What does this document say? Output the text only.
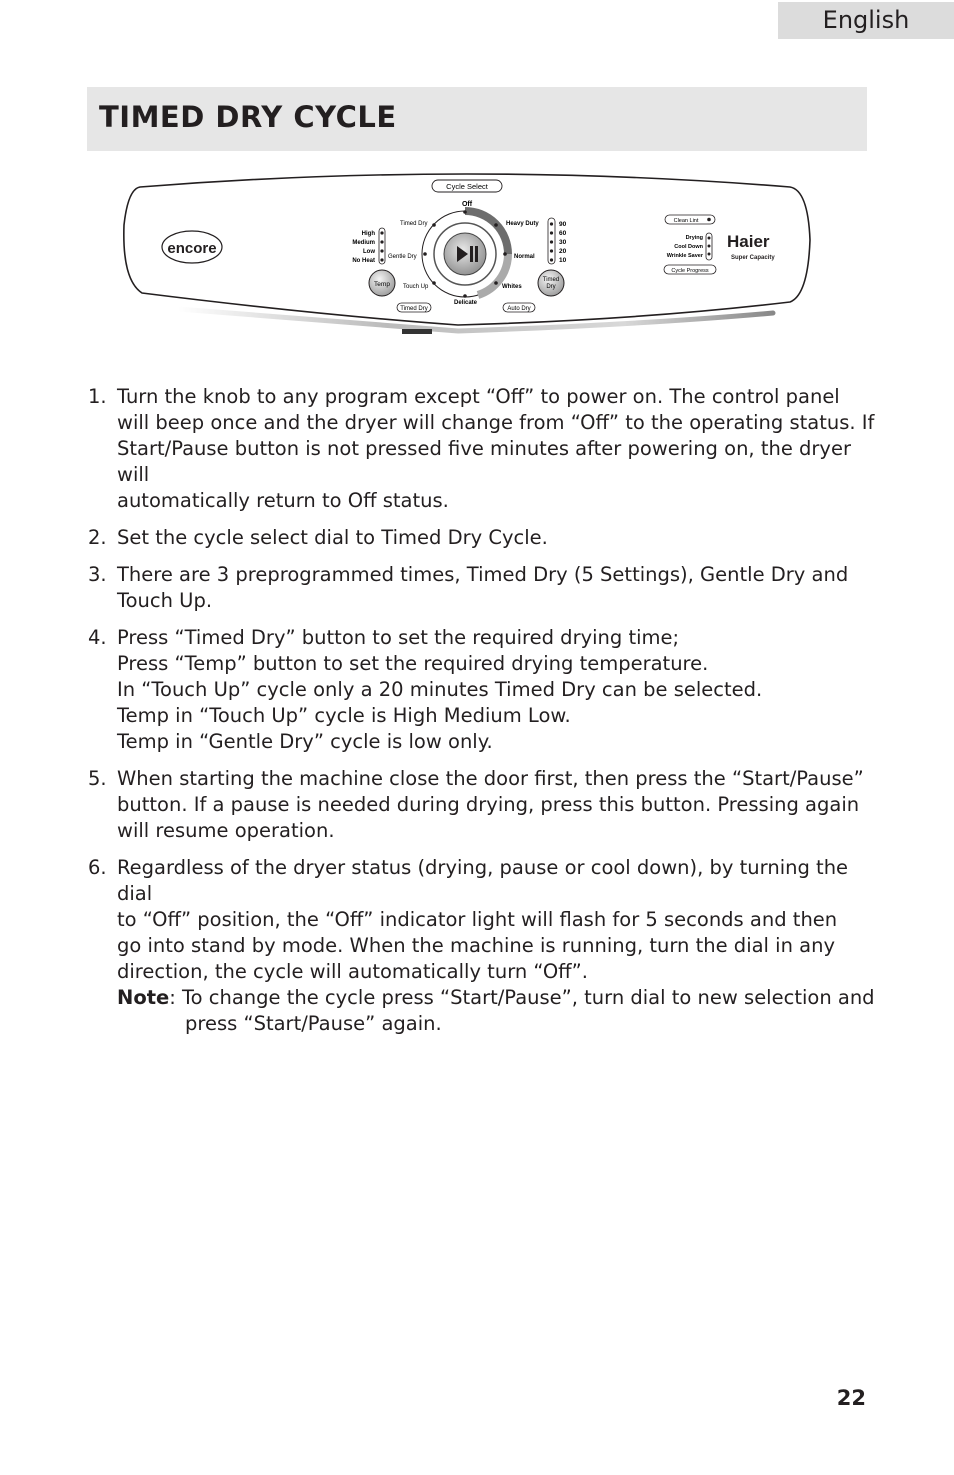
English
TIMED DRY CYCLE
encore
Cycle Select
Off
Timed Dry
Gentle Dry
Touch Up
Delicate
Heavy Duty
Normal
Whites
High
Medium
Low
No Heat
Temp
90
60
30
20
10
Timed
Dry
Timed Dry	Auto Dry
Clean Lint
Drying
Cool Down
Wrinkle Saver
Cycle Progress
Haier
Super Capacity
1. Turn the knob to any program except “Off” to power on. The control panel
will beep once and the dryer will change from “Off” to the operating status. If
Start/Pause button is not pressed five minutes after powering on, the dryer will
automatically return to Off status.
2. Set the cycle select dial to Timed Dry Cycle.
3. There are 3 preprogrammed times, Timed Dry (5 Settings), Gentle Dry and
Touch Up.
4. Press “Timed Dry” button to set the required drying time;
Press “Temp” button to set the required drying temperature.
In “Touch Up” cycle only a 20 minutes Timed Dry can be selected.
Temp in “Touch Up” cycle is High Medium Low.
Temp in “Gentle Dry” cycle is low only.
5. When starting the machine close the door first, then press the “Start/Pause”
button. If a pause is needed during drying, press this button. Pressing again
will resume operation.
6. Regardless of the dryer status (drying, pause or cool down), by turning the dial
to “Off” position, the “Off” indicator light will flash for 5 seconds and then
go into stand by mode. When the machine is running, turn the dial in any
direction, the cycle will automatically turn “Off”.
Note: To change the cycle press “Start/Pause”, turn dial to new selection and press “Start/Pause” again.
22
